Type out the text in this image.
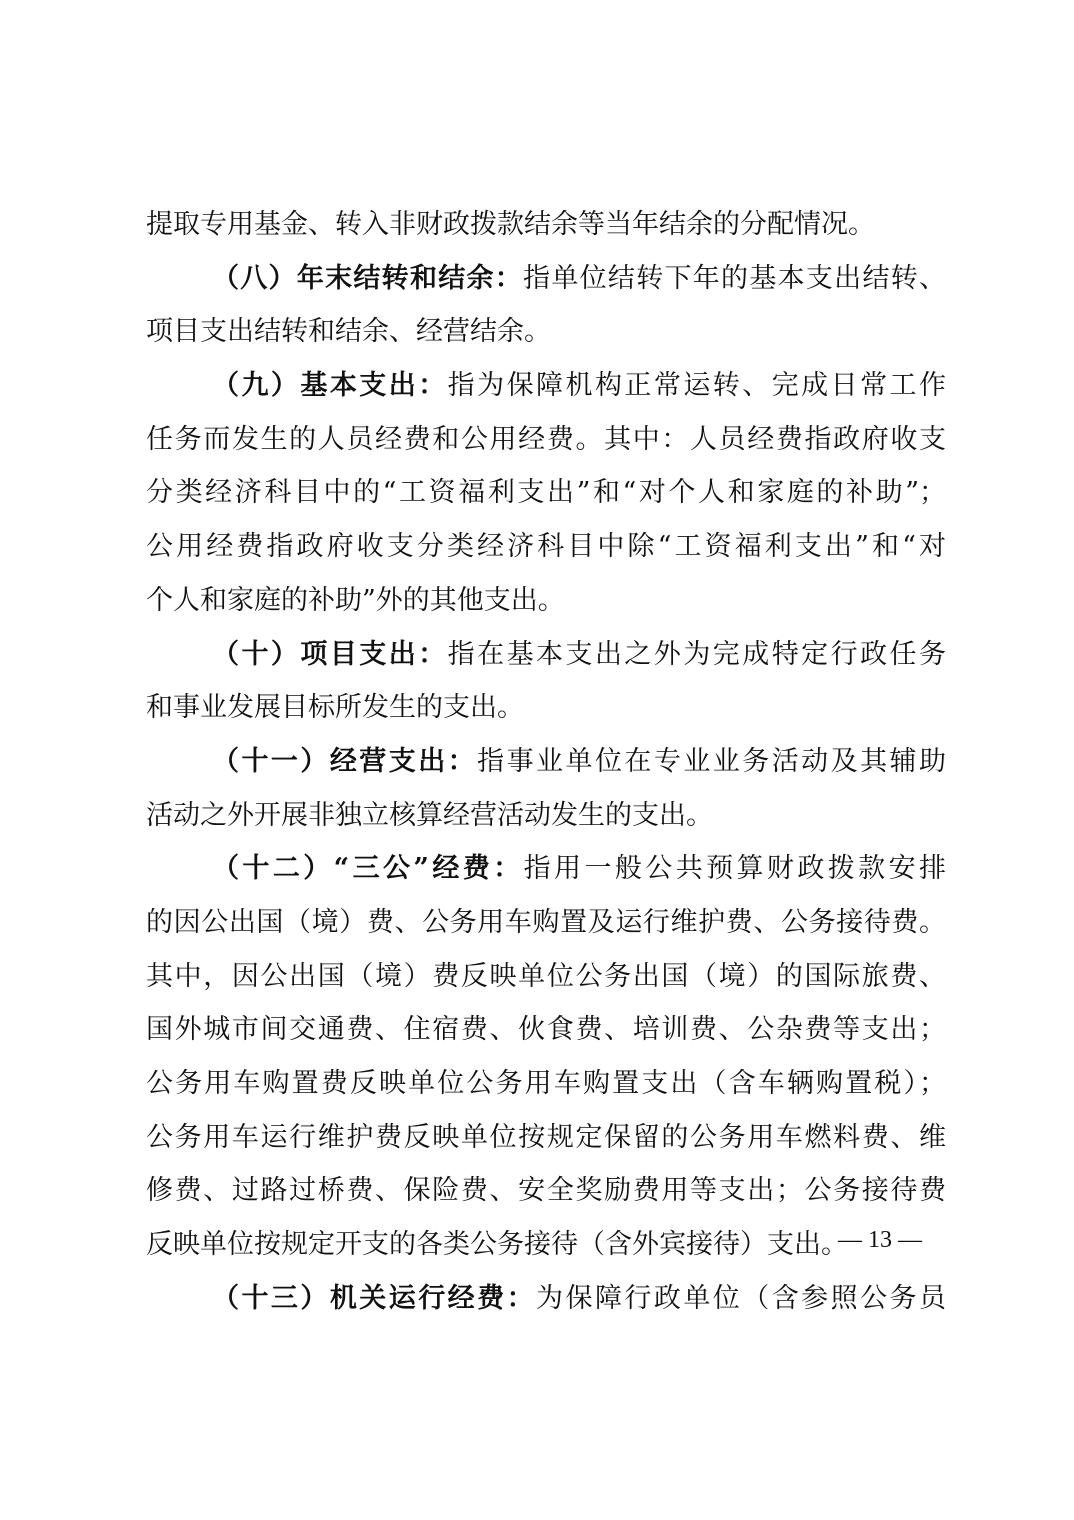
提取专用基金、转入非财政拨款结余等当年结余的分配情况。
（八）年末结转和结余：指单位结转下年的基本支出结转、
项目支出结转和结余、经营结余。
（九）基本支出：指为保障机构正常运转、完成日常工作
任务而发生的人员经费和公用经费。其中：人员经费指政府收支
分类经济科目中的“工资福利支出”和“对个人和家庭的补助”；
公用经费指政府收支分类经济科目中除“工资福利支出”和“对
个人和家庭的补助”外的其他支出。
（十）项目支出：指在基本支出之外为完成特定行政任务
和事业发展目标所发生的支出。
（十一）经营支出：指事业单位在专业业务活动及其辅助
活动之外开展非独立核算经营活动发生的支出。
（十二）“三公”经费：指用一般公共预算财政拨款安排
的因公出国（境）费、公务用车购置及运行维护费、公务接待费。
其中，因公出国（境）费反映单位公务出国（境）的国际旅费、
国外城市间交通费、住宿费、伙食费、培训费、公杂费等支出；
公务用车购置费反映单位公务用车购置支出（含车辆购置税）；
公务用车运行维护费反映单位按规定保留的公务用车燃料费、维
修费、过路过桥费、保险费、安全奖励费用等支出；公务接待费
反映单位按规定开支的各类公务接待（含外宾接待）支出。
（十三）机关运行经费：为保障行政单位（含参照公务员
— 13 —
